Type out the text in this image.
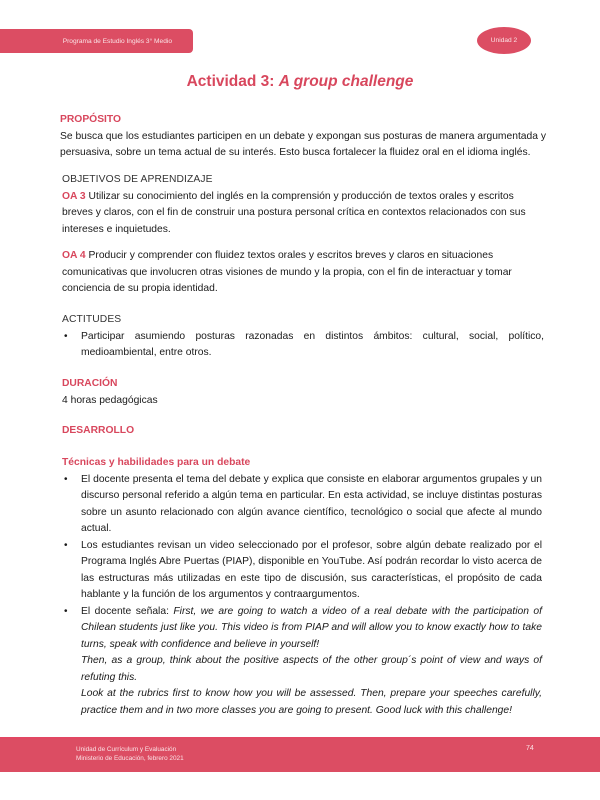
Programa de Estudio Inglés 3° Medio	Unidad 2
Actividad 3: A group challenge
PROPÓSITO
Se busca que los estudiantes participen en un debate y expongan sus posturas de manera argumentada y persuasiva, sobre un tema actual de su interés. Esto busca fortalecer la fluidez oral en el idioma inglés.
OBJETIVOS DE APRENDIZAJE
OA 3 Utilizar su conocimiento del inglés en la comprensión y producción de textos orales y escritos breves y claros, con el fin de construir una postura personal crítica en contextos relacionados con sus intereses e inquietudes.
OA 4 Producir y comprender con fluidez textos orales y escritos breves y claros en situaciones comunicativas que involucren otras visiones de mundo y la propia, con el fin de interactuar y tomar conciencia de su propia identidad.
ACTITUDES
• Participar asumiendo posturas razonadas en distintos ámbitos: cultural, social, político, medioambiental, entre otros.
DURACIÓN
4 horas pedagógicas
DESARROLLO
Técnicas y habilidades para un debate
• El docente presenta el tema del debate y explica que consiste en elaborar argumentos grupales y un discurso personal referido a algún tema en particular. En esta actividad, se incluye distintas posturas sobre un asunto relacionado con algún avance científico, tecnológico o social que afecte al mundo actual.
• Los estudiantes revisan un video seleccionado por el profesor, sobre algún debate realizado por el Programa Inglés Abre Puertas (PIAP), disponible en YouTube. Así podrán recordar lo visto acerca de las estructuras más utilizadas en este tipo de discusión, sus características, el propósito de cada hablante y la función de los argumentos y contraargumentos.
• El docente señala: First, we are going to watch a video of a real debate with the participation of Chilean students just like you. This video is from PIAP and will allow you to know exactly how to take turns, speak with confidence and believe in yourself!
Then, as a group, think about the positive aspects of the other group´s point of view and ways of refuting this.
Look at the rubrics first to know how you will be assessed. Then, prepare your speeches carefully, practice them and in two more classes you are going to present. Good luck with this challenge!
Unidad de Currículum y Evaluación
Ministerio de Educación, febrero 2021
74
